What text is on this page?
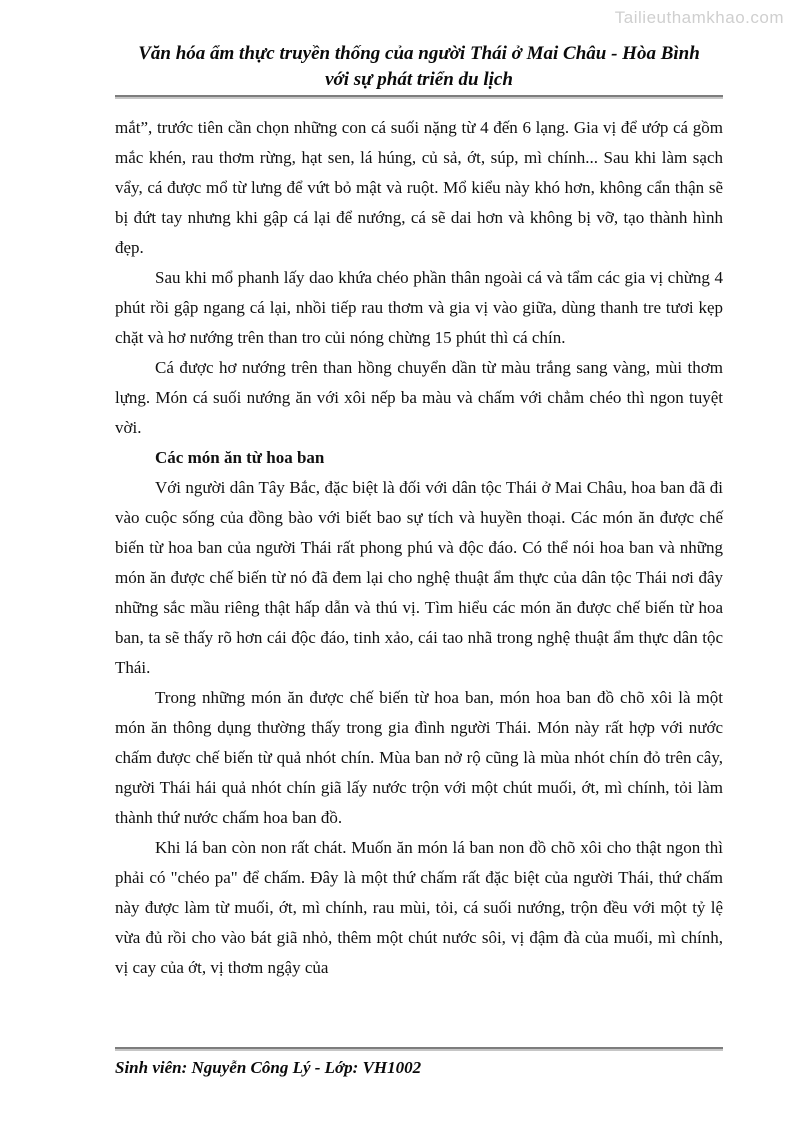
Tailieuthamkhao.com
Văn hóa ẩm thực truyền thống của người Thái ở Mai Châu - Hòa Bình
với sự phát triển du lịch

mắt”, trước tiên cần chọn những con cá suối nặng từ 4 đến 6 lạng. Gia vị để ướp cá gồm mắc khén, rau thơm rừng, hạt sen, lá húng, củ sả, ớt, súp, mì chính... Sau khi làm sạch vẩy, cá được mổ từ lưng để vứt bỏ mật và ruột. Mổ kiểu này khó hơn, không cẩn thận sẽ bị đứt tay nhưng khi gập cá lại để nướng, cá sẽ dai hơn và không bị vỡ, tạo thành hình đẹp.

Sau khi mổ phanh lấy dao khứa chéo phần thân ngoài cá và tẩm các gia vị chừng 4 phút rồi gập ngang cá lại, nhồi tiếp rau thơm và gia vị vào giữa, dùng thanh tre tươi kẹp chặt và hơ nướng trên than tro củi nóng chừng 15 phút thì cá chín.

Cá được hơ nướng trên than hồng chuyển dần từ màu trắng sang vàng, mùi thơm lựng. Món cá suối nướng ăn với xôi nếp ba màu và chấm với chẳm chéo thì ngon tuyệt vời.

Các món ăn từ hoa ban

Với người dân Tây Bắc, đặc biệt là đối với dân tộc Thái ở Mai Châu, hoa ban đã đi vào cuộc sống của đồng bào với biết bao sự tích và huyền thoại. Các món ăn được chế biến từ hoa ban của người Thái rất phong phú và độc đáo. Có thể nói hoa ban và những món ăn được chế biến từ nó đã đem lại cho nghệ thuật ẩm thực của dân tộc Thái nơi đây những sắc mầu riêng thật hấp dẫn và thú vị. Tìm hiểu các món ăn được chế biến từ hoa ban, ta sẽ thấy rõ hơn cái độc đáo, tinh xảo, cái tao nhã trong nghệ thuật ẩm thực dân tộc Thái.

Trong những món ăn được chế biến từ hoa ban, món hoa ban đồ chõ xôi là một món ăn thông dụng thường thấy trong gia đình người Thái. Món này rất hợp với nước chấm được chế biến từ quả nhót chín. Mùa ban nở rộ cũng là mùa nhót chín đỏ trên cây, người Thái hái quả nhót chín giã lấy nước trộn với một chút muối, ớt, mì chính, tỏi làm thành thứ nước chấm hoa ban đồ.

Khi lá ban còn non rất chát. Muốn ăn món lá ban non đồ chõ xôi cho thật ngon thì phải có "chéo pa" để chấm. Đây là một thứ chấm rất đặc biệt của người Thái, thứ chấm này được làm từ muối, ớt, mì chính, rau mùi, tỏi, cá suối nướng, trộn đều với một tỷ lệ vừa đủ rồi cho vào bát giã nhỏ, thêm một chút nước sôi, vị đậm đà của muối, mì chính, vị cay của ớt, vị thơm ngậy của

Sinh viên: Nguyễn Công Lý - Lớp: VH1002
